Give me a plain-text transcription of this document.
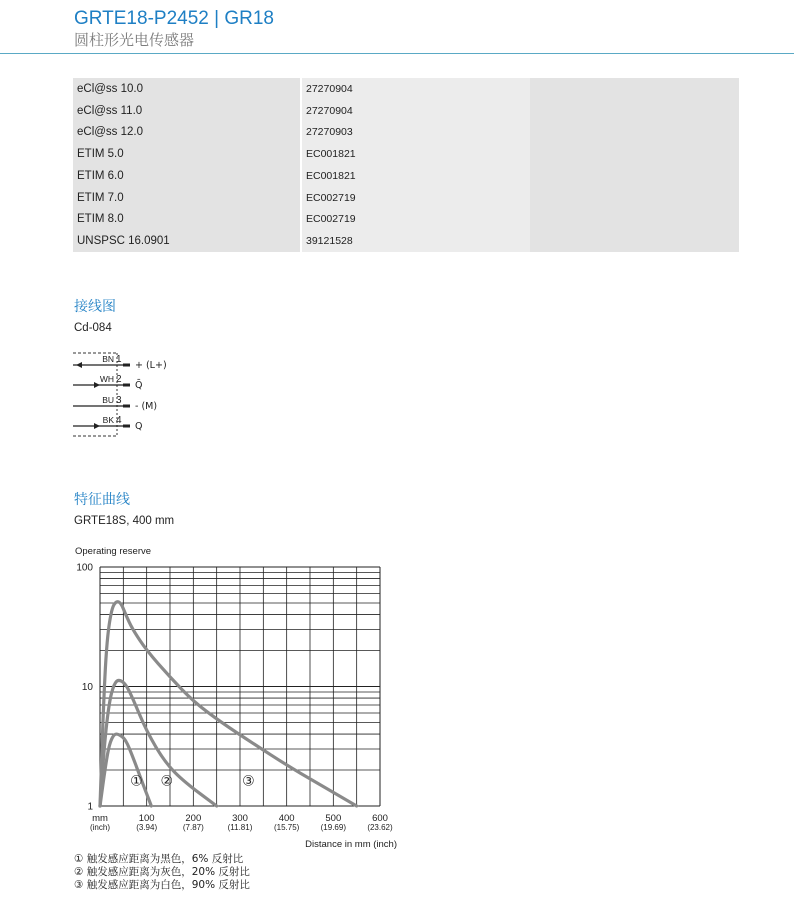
GRTE18-P2452 | GR18
圆柱形光电传感器
eCl@ss 10.0	27270904	
eCl@ss 11.0	27270904	
eCl@ss 12.0	27270903	
ETIM 5.0	EC001821	
ETIM 6.0	EC001821	
ETIM 7.0	EC002719	
ETIM 8.0	EC002719	
UNSPSC 16.0901	39121528	
接线图
Cd-084
BN 1
+ (L+)
WH 2
Q̄
BU 3
- (M)
BK 4
Q
特征曲线
GRTE18S, 400 mm
Operating reserve
100
10
1
mm	100	200	300	400	500	600
(inch)	(3.94)	(7.87)	(11.81)	(15.75)	(19.69)	(23.62)
Distance in mm (inch)
① ②	③
① 触发感应距离为黑色，6% 反射比
② 触发感应距离为灰色，20% 反射比
③ 触发感应距离为白色，90% 反射比
